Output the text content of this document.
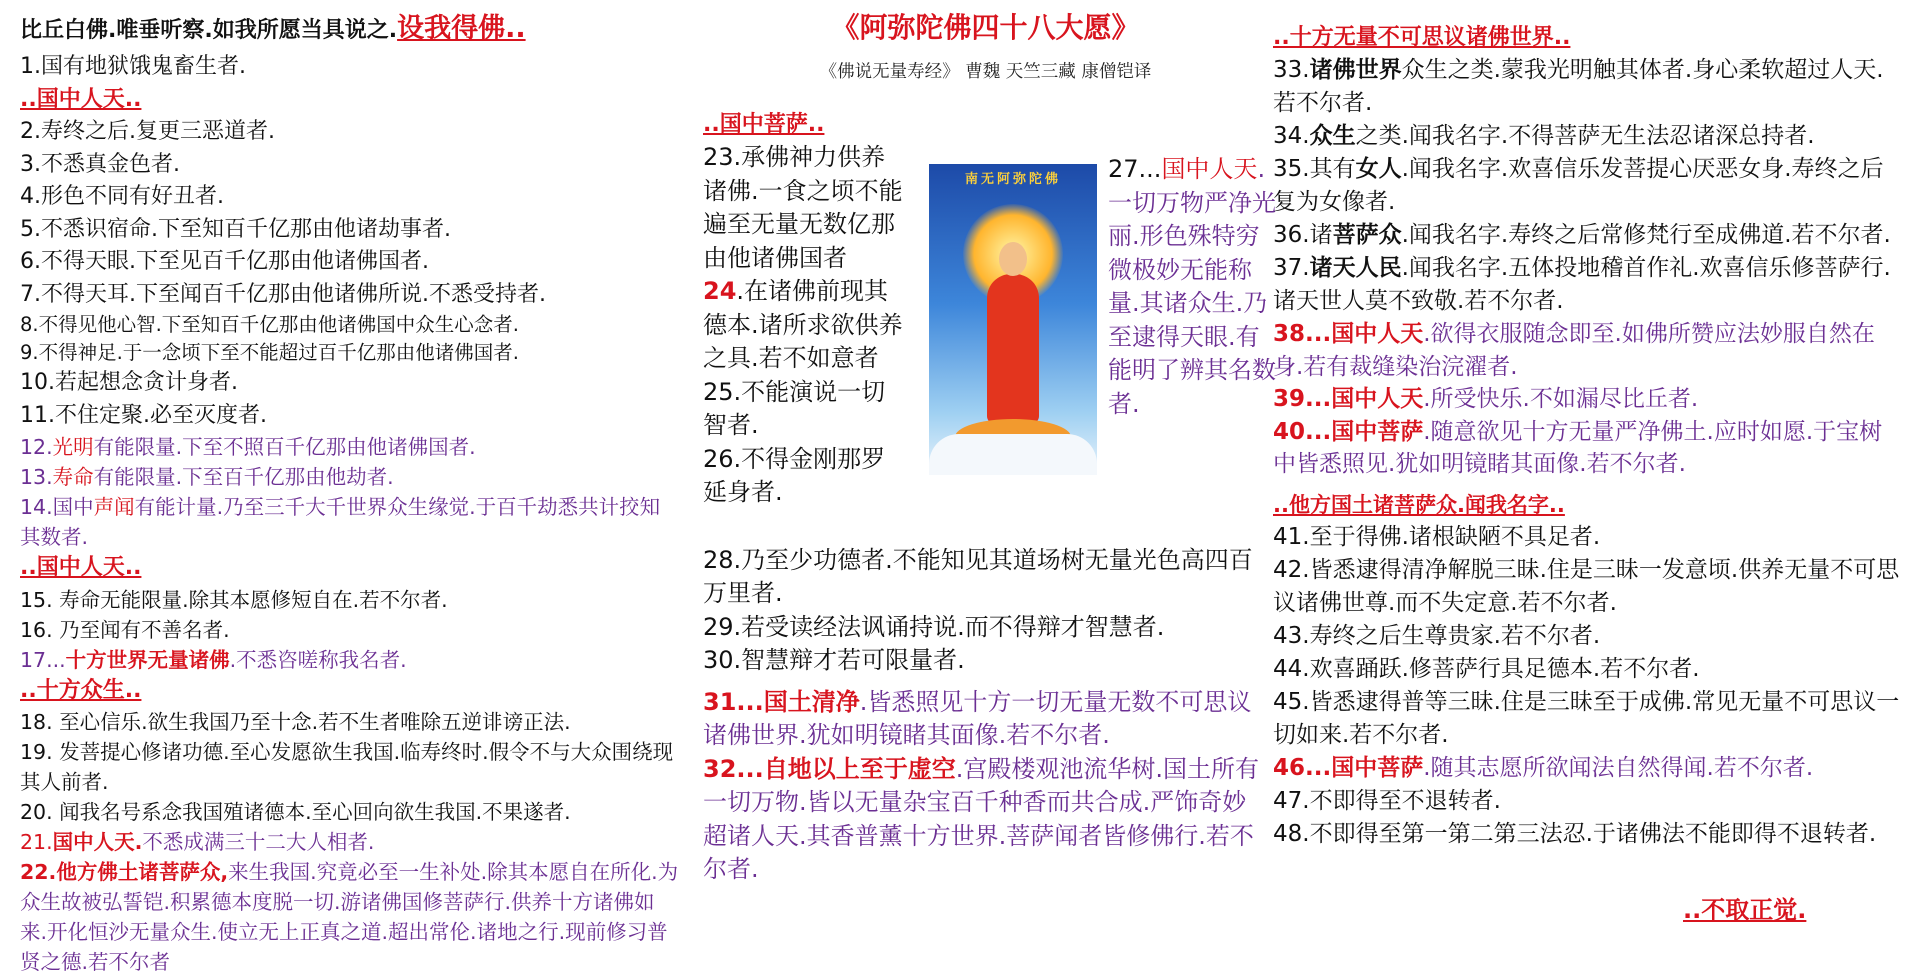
比丘白佛.唯垂听察.如我所愿当具说之.设我得佛..
1.国有地狱饿鬼畜生者.
..国中人天..
2.寿终之后.复更三恶道者.
3.不悉真金色者.
4.形色不同有好丑者.
5.不悉识宿命.下至知百千亿那由他诸劫事者.
6.不得天眼.下至见百千亿那由他诸佛国者.
7.不得天耳.下至闻百千亿那由他诸佛所说.不悉受持者.
8.不得见他心智.下至知百千亿那由他诸佛国中众生心念者.
9.不得神足.于一念顷下至不能超过百千亿那由他诸佛国者.
10.若起想念贪计身者.
11.不住定聚.必至灭度者.
12.光明有能限量.下至不照百千亿那由他诸佛国者.
13.寿命有能限量.下至百千亿那由他劫者.
14.国中声闻有能计量.乃至三千大千世界众生缘觉.于百千劫悉共计挍知其数者.
..国中人天..
15. 寿命无能限量.除其本愿修短自在.若不尔者.
16. 乃至闻有不善名者.
17...十方世界无量诸佛.不悉咨嗟称我名者.
..十方众生..
18. 至心信乐.欲生我国乃至十念.若不生者唯除五逆诽谤正法.
19. 发菩提心修诸功德.至心发愿欲生我国.临寿终时.假令不与大众围绕现其人前者.
20. 闻我名号系念我国殖诸德本.至心回向欲生我国.不果遂者.
21.国中人天.不悉成满三十二大人相者.
22.他方佛土诸菩萨众,来生我国.究竟必至一生补处.除其本愿自在所化.为众生故被弘誓铠.积累德本度脱一切.游诸佛国修菩萨行.供养十方诸佛如来.开化恒沙无量众生.使立无上正真之道.超出常伦.诸地之行.现前修习普贤之德.若不尔者
《阿弥陀佛四十八大愿》
《佛说无量寿经》 曹魏 天竺三藏 康僧铠译
..国中菩萨..
23.承佛神力供养诸佛.一食之顷不能遍至无量无数亿那由他诸佛国者
24.在诸佛前现其德本.诸所求欲供养之具.若不如意者
25.不能演说一切智者.
26.不得金刚那罗延身者.
28.乃至少功德者.不能知见其道场树无量光色高四百万里者.
29.若受读经法讽诵持说.而不得辩才智慧者.
30.智慧辩才若可限量者.
31...国土清净.皆悉照见十方一切无量无数不可思议诸佛世界.犹如明镜睹其面像.若不尔者.
32...自地以上至于虚空.宫殿楼观池流华树.国土所有一切万物.皆以无量杂宝百千种香而共合成.严饰奇妙超诸人天.其香普薰十方世界.菩萨闻者皆修佛行.若不尔者.
南无阿弥陀佛	27...国中人天.一切万物严净光丽.形色殊特穷微极妙无能称量.其诸众生.乃至逮得天眼.有能明了辨其名数者.
..十方无量不可思议诸佛世界..
33.诸佛世界众生之类.蒙我光明触其体者.身心柔软超过人天.若不尔者.
34.众生之类.闻我名字.不得菩萨无生法忍诸深总持者.
35.其有女人.闻我名字.欢喜信乐发菩提心厌恶女身.寿终之后复为女像者.
36.诸菩萨众.闻我名字.寿终之后常修梵行至成佛道.若不尔者.
37.诸天人民.闻我名字.五体投地稽首作礼.欢喜信乐修菩萨行.诸天世人莫不致敬.若不尔者.
38...国中人天.欲得衣服随念即至.如佛所赞应法妙服自然在身.若有裁缝染治浣濯者.
39...国中人天.所受快乐.不如漏尽比丘者.
40...国中菩萨.随意欲见十方无量严净佛土.应时如愿.于宝树中皆悉照见.犹如明镜睹其面像.若不尔者.
..他方国土诸菩萨众.闻我名字..
41.至于得佛.诸根缺陋不具足者.
42.皆悉逮得清净解脱三昧.住是三昧一发意顷.供养无量不可思议诸佛世尊.而不失定意.若不尔者.
43.寿终之后生尊贵家.若不尔者.
44.欢喜踊跃.修菩萨行具足德本.若不尔者.
45.皆悉逮得普等三昧.住是三昧至于成佛.常见无量不可思议一切如来.若不尔者.
46...国中菩萨.随其志愿所欲闻法自然得闻.若不尔者.
47.不即得至不退转者.
48.不即得至第一第二第三法忍.于诸佛法不能即得不退转者.
..不取正觉.
